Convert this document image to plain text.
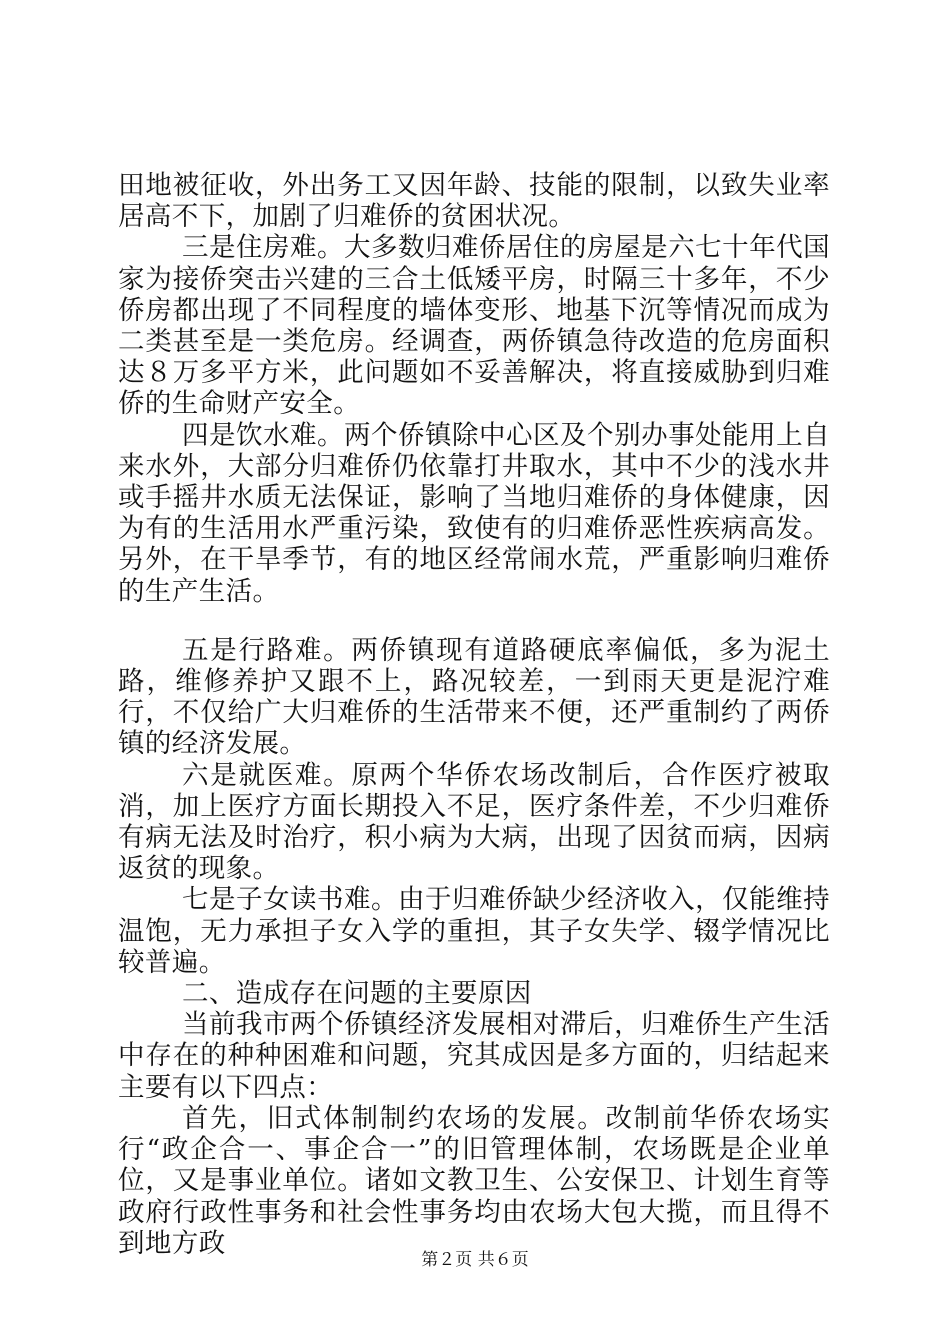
田地被征收，外出务工又因年龄、技能的限制，以致失业率居高不下，加剧了归难侨的贫困状况。

三是住房难。大多数归难侨居住的房屋是六七十年代国家为接侨突击兴建的三合土低矮平房，时隔三十多年，不少侨房都出现了不同程度的墙体变形、地基下沉等情况而成为二类甚至是一类危房。经调查，两侨镇急待改造的危房面积达８万多平方米，此问题如不妥善解决，将直接威胁到归难侨的生命财产安全。

四是饮水难。两个侨镇除中心区及个别办事处能用上自来水外，大部分归难侨仍依靠打井取水，其中不少的浅水井或手摇井水质无法保证，影响了当地归难侨的身体健康，因为有的生活用水严重污染，致使有的归难侨恶性疾病高发。另外，在干旱季节，有的地区经常闹水荒，严重影响归难侨的生产生活。

五是行路难。两侨镇现有道路硬底率偏低，多为泥土路，维修养护又跟不上，路况较差，一到雨天更是泥泞难行，不仅给广大归难侨的生活带来不便，还严重制约了两侨镇的经济发展。

六是就医难。原两个华侨农场改制后，合作医疗被取消，加上医疗方面长期投入不足，医疗条件差，不少归难侨有病无法及时治疗，积小病为大病，出现了因贫而病，因病返贫的现象。

七是子女读书难。由于归难侨缺少经济收入，仅能维持温饱，无力承担子女入学的重担，其子女失学、辍学情况比较普遍。

二、造成存在问题的主要原因

当前我市两个侨镇经济发展相对滞后，归难侨生产生活中存在的种种困难和问题，究其成因是多方面的，归结起来主要有以下四点：

首先，旧式体制制约农场的发展。改制前华侨农场实行“政企合一、事企合一”的旧管理体制，农场既是企业单位，又是事业单位。诸如文教卫生、公安保卫、计划生育等政府行政性事务和社会性事务均由农场大包大揽，而且得不到地方政

第２页 共６页
